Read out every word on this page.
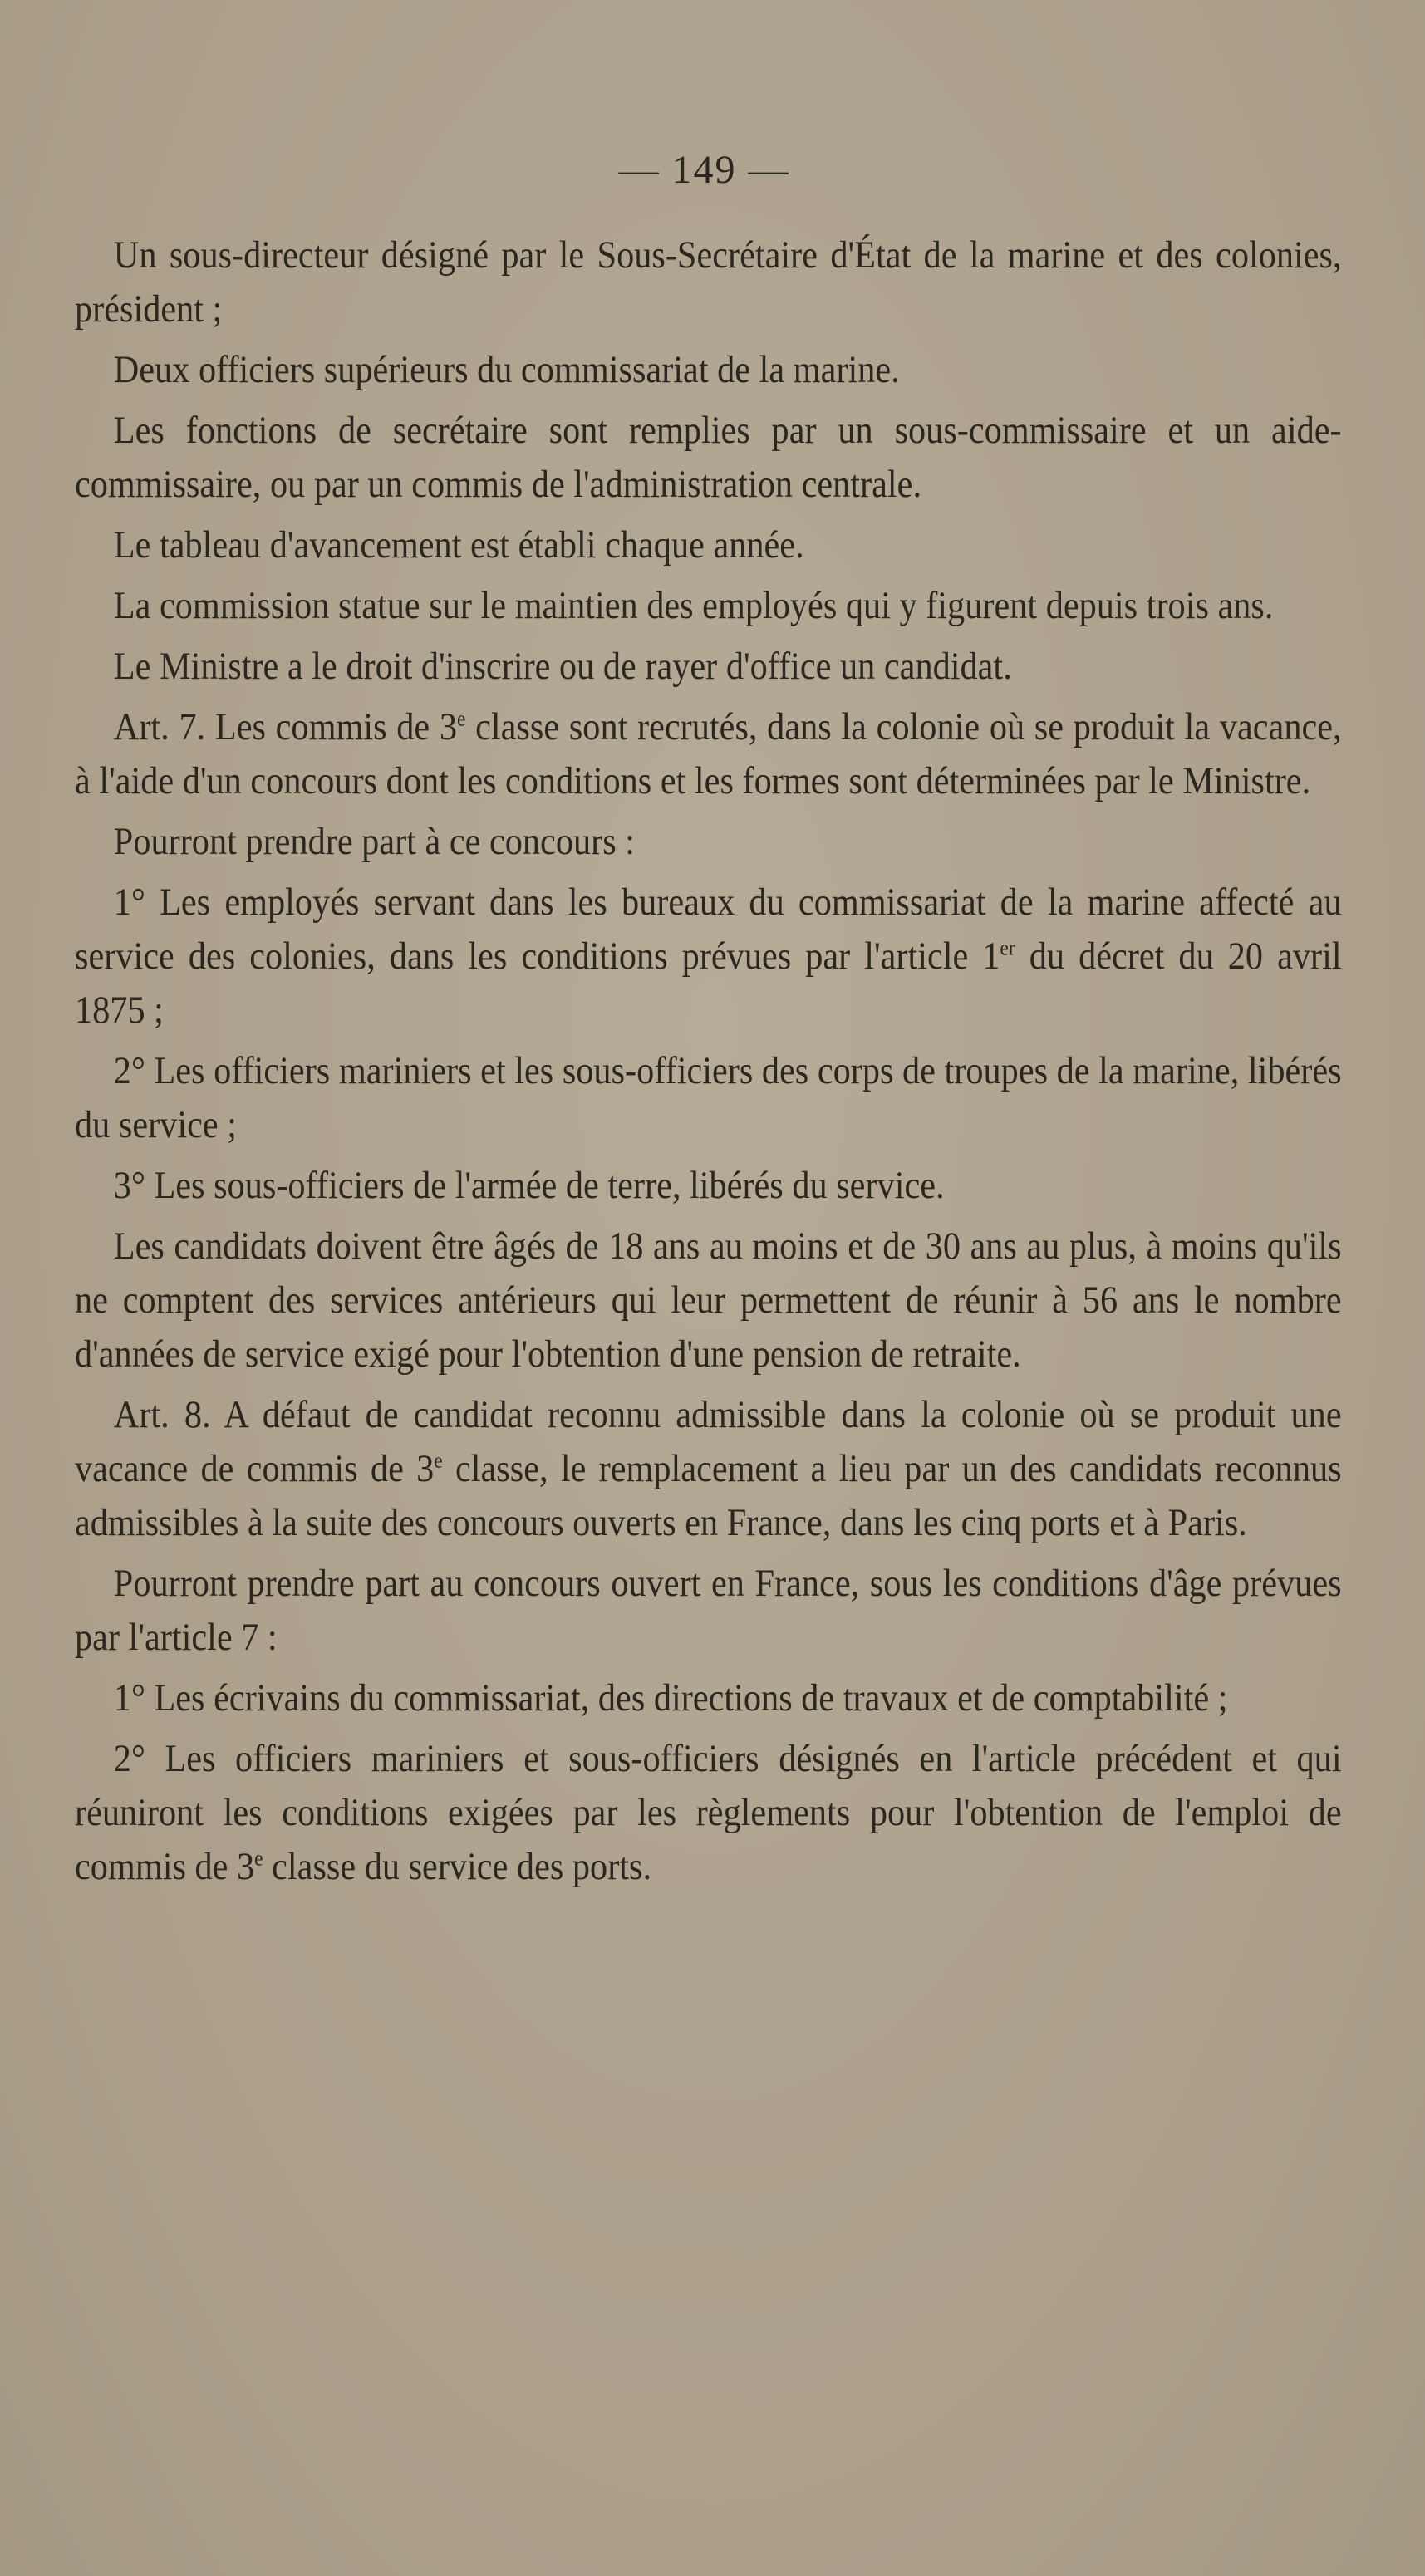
— 149 —

Un sous-directeur désigné par le Sous-Secrétaire d'État de la marine et des colonies, président ;

Deux officiers supérieurs du commissariat de la marine.

Les fonctions de secrétaire sont remplies par un sous-commissaire et un aide-commissaire, ou par un commis de l'administration centrale.

Le tableau d'avancement est établi chaque année.

La commission statue sur le maintien des employés qui y figurent depuis trois ans.

Le Ministre a le droit d'inscrire ou de rayer d'office un candidat.

Art. 7. Les commis de 3e classe sont recrutés, dans la colonie où se produit la vacance, à l'aide d'un concours dont les conditions et les formes sont déterminées par le Ministre.

Pourront prendre part à ce concours :

1° Les employés servant dans les bureaux du commissariat de la marine affecté au service des colonies, dans les conditions prévues par l'article 1er du décret du 20 avril 1875 ;

2° Les officiers mariniers et les sous-officiers des corps de troupes de la marine, libérés du service ;

3° Les sous-officiers de l'armée de terre, libérés du service.

Les candidats doivent être âgés de 18 ans au moins et de 30 ans au plus, à moins qu'ils ne comptent des services antérieurs qui leur permettent de réunir à 56 ans le nombre d'années de service exigé pour l'obtention d'une pension de retraite.

Art. 8. A défaut de candidat reconnu admissible dans la colonie où se produit une vacance de commis de 3e classe, le remplacement a lieu par un des candidats reconnus admissibles à la suite des concours ouverts en France, dans les cinq ports et à Paris.

Pourront prendre part au concours ouvert en France, sous les conditions d'âge prévues par l'article 7 :

1° Les écrivains du commissariat, des directions de travaux et de comptabilité ;

2° Les officiers mariniers et sous-officiers désignés en l'article précédent et qui réuniront les conditions exigées par les règlements pour l'obtention de l'emploi de commis de 3e classe du service des ports.
